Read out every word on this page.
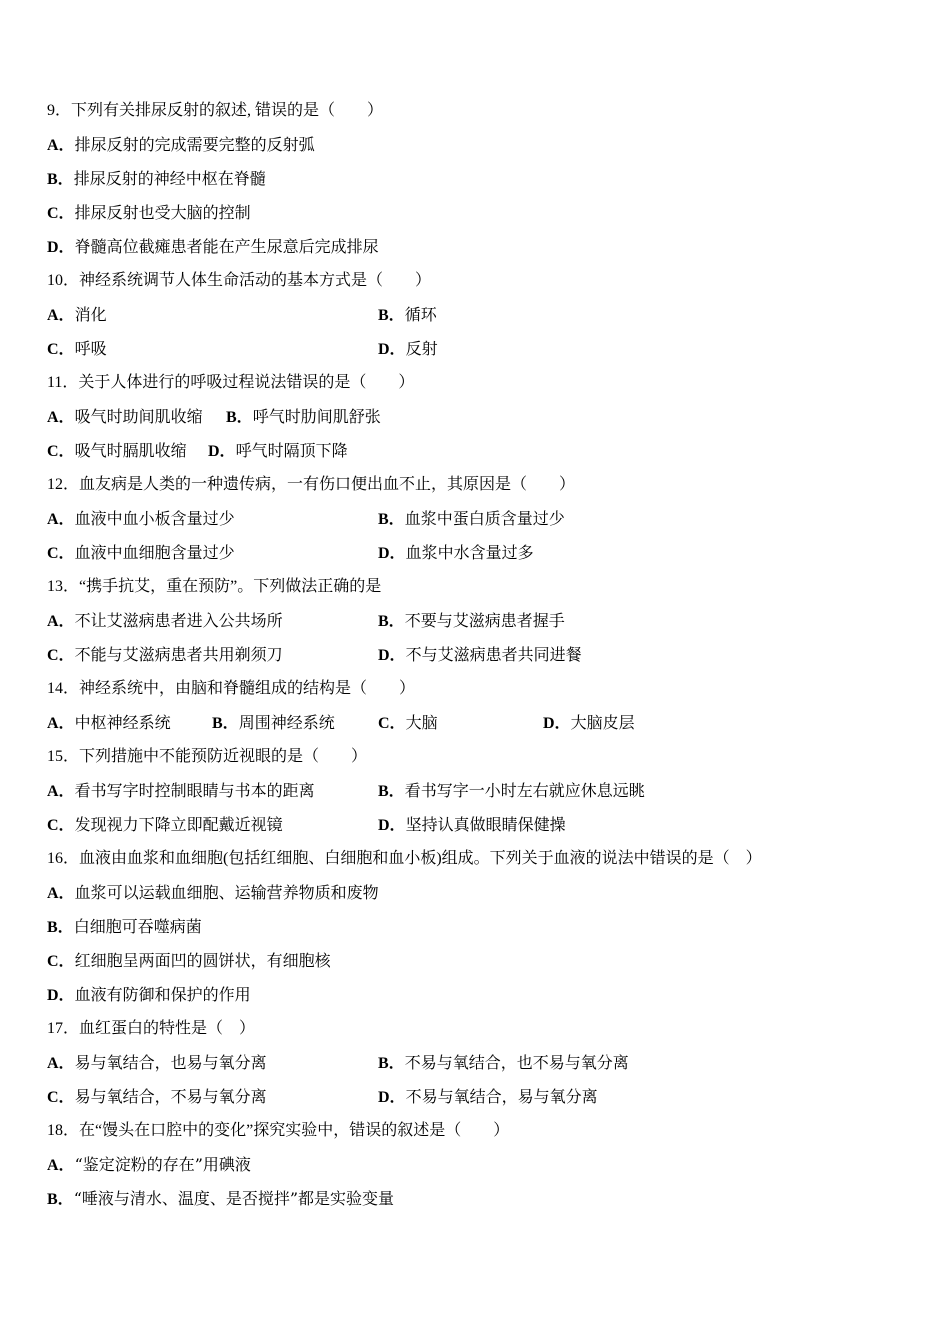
9．下列有关排尿反射的叙述, 错误的是（　　）
A．排尿反射的完成需要完整的反射弧
B．排尿反射的神经中枢在脊髓
C．排尿反射也受大脑的控制
D．脊髓高位截瘫患者能在产生尿意后完成排尿
10．神经系统调节人体生命活动的基本方式是（　　）
A．消化	B．循环
C．呼吸	D．反射
11．关于人体进行的呼吸过程说法错误的是（　　）
A．吸气时助间肌收缩 B．呼气时肋间肌舒张
C．吸气时膈肌收缩 D．呼气时隔顶下降
12．血友病是人类的一种遗传病，一有伤口便出血不止，其原因是（　　）
A．血液中血小板含量过少	B．血浆中蛋白质含量过少
C．血液中血细胞含量过少	D．血浆中水含量过多
13．“携手抗艾，重在预防”。下列做法正确的是
A．不让艾滋病患者进入公共场所	B．不要与艾滋病患者握手
C．不能与艾滋病患者共用剃须刀	D．不与艾滋病患者共同进餐
14．神经系统中，由脑和脊髓组成的结构是（　　）
A．中枢神经系统	B．周围神经系统	C．大脑	D．大脑皮层
15．下列措施中不能预防近视眼的是（　　）
A．看书写字时控制眼睛与书本的距离	B．看书写字一小时左右就应休息远眺
C．发现视力下降立即配戴近视镜	D．坚持认真做眼睛保健操
16．血液由血浆和血细胞(包括红细胞、白细胞和血小板)组成。下列关于血液的说法中错误的是（　）
A．血浆可以运载血细胞、运输营养物质和废物
B．白细胞可吞噬病菌
C．红细胞呈两面凹的圆饼状，有细胞核
D．血液有防御和保护的作用
17．血红蛋白的特性是（　）
A．易与氧结合，也易与氧分离	B．不易与氧结合，也不易与氧分离
C．易与氧结合，不易与氧分离	D．不易与氧结合，易与氧分离
18．在“馒头在口腔中的变化”探究实验中，错误的叙述是（　　）
A．“鉴定淀粉的存在”用碘液
B．“唾液与清水、温度、是否搅拌”都是实验变量
